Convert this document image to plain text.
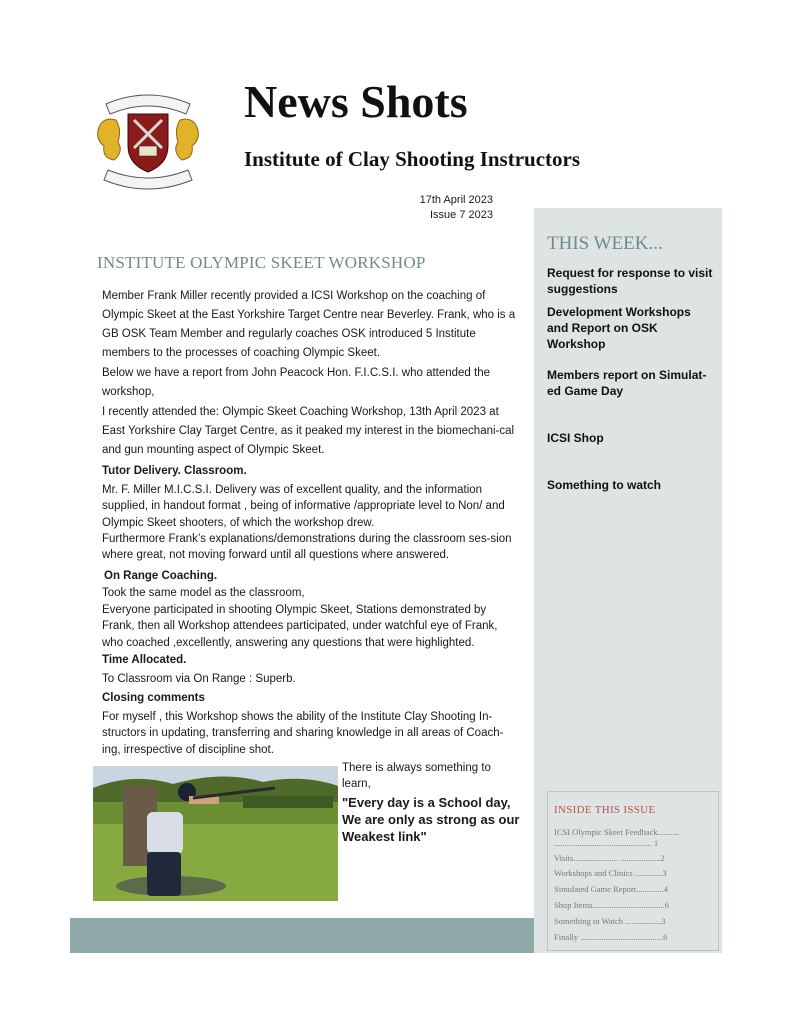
News Shots
Institute of Clay Shooting Instructors
17th April 2023
Issue 7 2023
THIS WEEK...
Request for response to visit suggestions
Development Workshops and Report on OSK Workshop
Members report on Simulat-ed Game Day
ICSI Shop
Something to watch
INSIDE THIS ISSUE
ICSI Olympic Skeet Feedback..........
.............................................. 1
Visits..................... ...................2
Workshops and Clinics .............3
Simulated Game Report.............4
Shop Items..................................6
Something to Watch .................3
Finally .......................................6
INSTITUTE OLYMPIC SKEET WORKSHOP
Member Frank Miller recently provided a ICSI Workshop on the coaching of Olympic Skeet at the East Yorkshire Target Centre near Beverley. Frank, who is a GB OSK Team Member and regularly coaches OSK introduced 5 Institute members to the processes of coaching Olympic Skeet.
Below we have a report from John Peacock Hon. F.I.C.S.I. who attended the workshop,
I recently attended the: Olympic Skeet Coaching Workshop, 13th April 2023 at East Yorkshire Clay Target Centre, as it peaked my interest in the biomechani-cal and gun mounting aspect of Olympic Skeet.
Tutor Delivery. Classroom.
Mr. F. Miller M.I.C.S.I. Delivery was of excellent quality, and the information supplied, in handout format , being of informative /appropriate level to Non/ and Olympic Skeet shooters, of which the workshop drew.
Furthermore Frank’s explanations/demonstrations during the classroom ses-sion where great, not moving forward until all questions where answered.
On Range Coaching.
Took the same model as the classroom,
Everyone participated in shooting Olympic Skeet, Stations demonstrated by Frank, then all Workshop attendees participated, under watchful eye of Frank, who coached ,excellently, answering any questions that were highlighted.
Time Allocated.
To Classroom via On Range : Superb.
Closing comments
For myself , this Workshop shows the ability of the Institute Clay Shooting In-structors in updating, transferring and sharing knowledge in all areas of Coach-ing, irrespective of discipline shot.
There is always something to learn,
"Every day is a School day, We are only as strong as our Weakest link"
